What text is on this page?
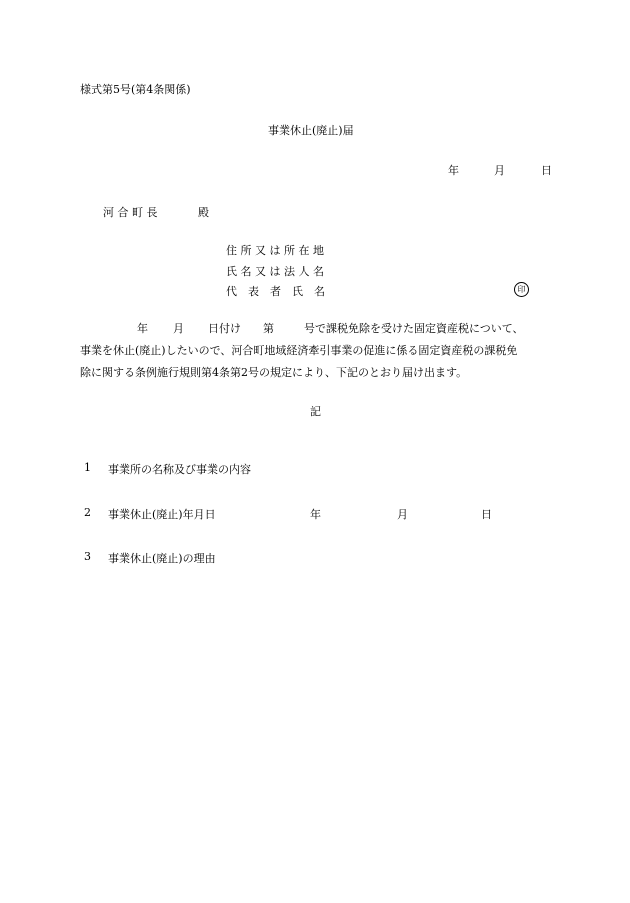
様式第5号(第4条関係)
事業休止(廃止)届
年	月	日
河 合 町 長	殿
住 所 又 は 所 在 地
氏 名 又 は 法 人 名
代　表　者　氏　名	印
年 月 日付け 第	号で課税免除を受けた固定資産税について、
事業を休止(廃止)したいので、河合町地域経済牽引事業の促進に係る固定資産税の課税免
除に関する条例施行規則第4条第2号の規定により、下記のとおり届け出ます。
記
1 事業所の名称及び事業の内容
2 事業休止(廃止)年月日	年	月	日
3 事業休止(廃止)の理由
